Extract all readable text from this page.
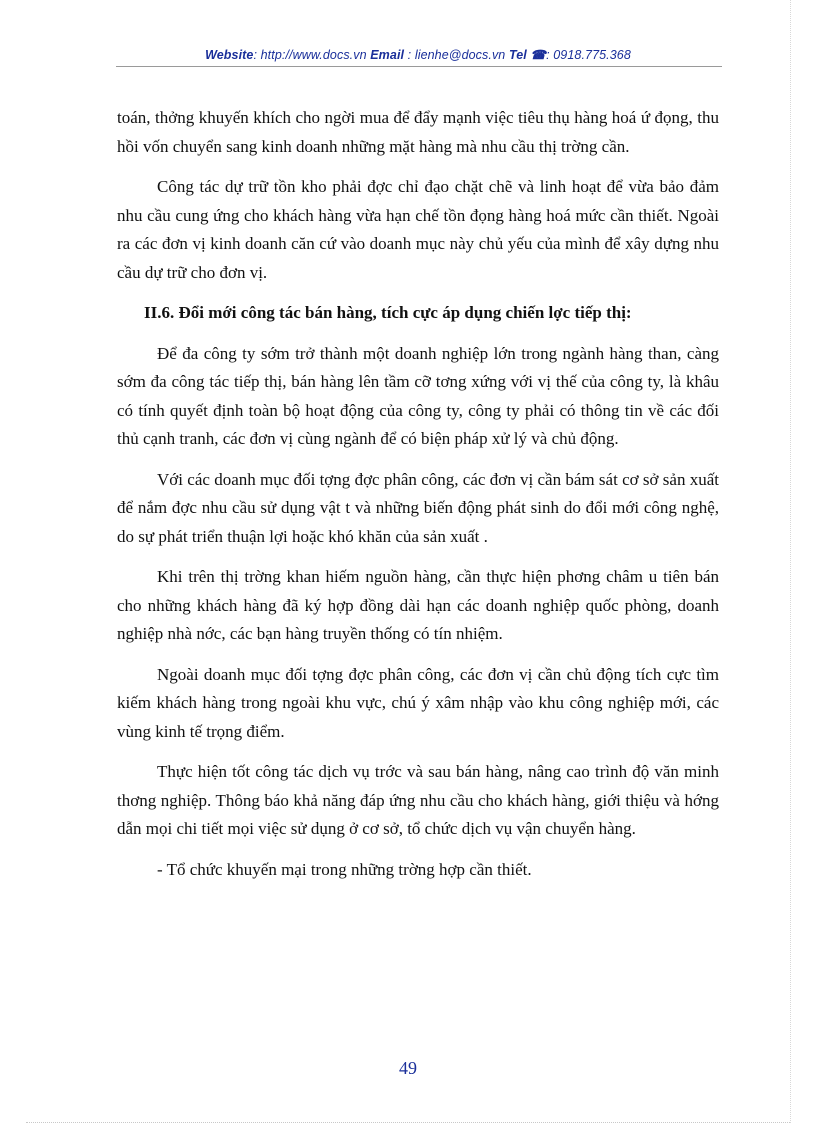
Website: http://www.docs.vn Email : lienhe@docs.vn Tel ☎: 0918.775.368

toán, thởng khuyến khích cho ngời mua để đẩy mạnh việc tiêu thụ hàng hoá ứ đọng, thu hồi vốn chuyển sang kinh doanh những mặt hàng mà nhu cầu thị trờng cần.

Công tác dự trữ tồn kho phải đợc chỉ đạo chặt chẽ và linh hoạt để vừa bảo đảm nhu cầu cung ứng cho khách hàng vừa hạn chế tồn đọng hàng hoá mức cần thiết. Ngoài ra các đơn vị kinh doanh căn cứ vào doanh mục này chủ yếu của mình để xây dựng nhu cầu dự trữ cho đơn vị.

II.6. Đổi mới công tác bán hàng, tích cực áp dụng chiến lợc tiếp thị:

Để đa công ty sớm trở thành một doanh nghiệp lớn trong ngành hàng than, càng sớm đa công tác tiếp thị, bán hàng lên tầm cỡ tơng xứng với vị thế của công ty, là khâu có tính quyết định toàn bộ hoạt động của công ty, công ty phải có thông tin về các đối thủ cạnh tranh, các đơn vị cùng ngành để có biện pháp xử lý và chủ động.

Với các doanh mục đối tợng đợc phân công, các đơn vị cần bám sát cơ sở sản xuất để nắm đợc nhu cầu sử dụng vật t và những biến động phát sinh do đổi mới công nghệ, do sự phát triển thuận lợi hoặc khó khăn của sản xuất .

Khi trên thị trờng khan hiếm nguồn hàng, cần thực hiện phơng châm u tiên bán cho những khách hàng đã ký hợp đồng dài hạn các doanh nghiệp quốc phòng, doanh nghiệp nhà nớc, các bạn hàng truyền thống có tín nhiệm.

Ngoài doanh mục đối tợng đợc phân công, các đơn vị cần chủ động tích cực tìm kiếm khách hàng trong ngoài khu vực, chú ý xâm nhập vào khu công nghiệp mới, các vùng kinh tế trọng điểm.

Thực hiện tốt công tác dịch vụ trớc và sau bán hàng, nâng cao trình độ văn minh thơng nghiệp. Thông báo khả năng đáp ứng nhu cầu cho khách hàng, giới thiệu và hớng dẫn mọi chi tiết mọi việc sử dụng ở cơ sở, tổ chức dịch vụ vận chuyển hàng.

- Tổ chức khuyến mại trong những trờng hợp cần thiết.

49
